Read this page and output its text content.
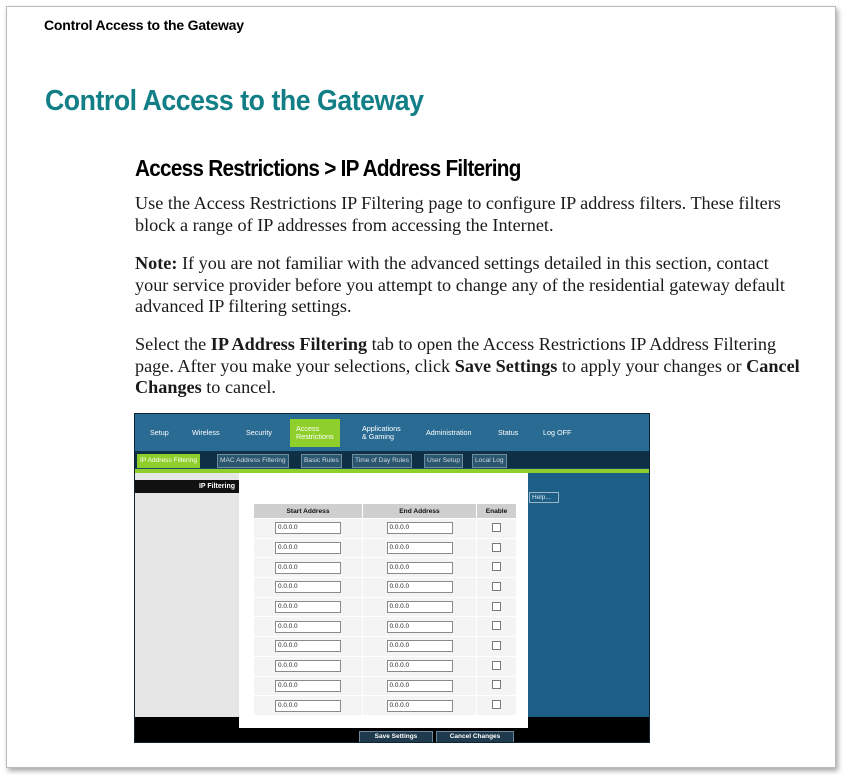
Control Access to the Gateway
Control Access to the Gateway
Access Restrictions > IP Address Filtering

Use the Access Restrictions IP Filtering page to configure IP address filters. These filters block a range of IP addresses from accessing the Internet.

Note: If you are not familiar with the advanced settings detailed in this section, contact your service provider before you attempt to change any of the residential gateway default advanced IP filtering settings.

Select the IP Address Filtering tab to open the Access Restrictions IP Address Filtering page. After you make your selections, click Save Settings to apply your changes or Cancel Changes to cancel.

Setup	Wireless	Security	Access
Restrictions
Applications
& Gaming	Administration	Status	Log OFF
IP Address Filtering	MAC Address Filtering	Basic Rules	Time of Day Rules	User Setup	Local Log
IP Filtering
Help...
Start Address	End Address	Enable
0.0.0.0	0.0.0.0	
0.0.0.0	0.0.0.0	
0.0.0.0	0.0.0.0	
0.0.0.0	0.0.0.0	
0.0.0.0	0.0.0.0	
0.0.0.0	0.0.0.0	
0.0.0.0	0.0.0.0	
0.0.0.0	0.0.0.0	
0.0.0.0	0.0.0.0	
0.0.0.0	0.0.0.0	
Save Settings	Cancel Changes
